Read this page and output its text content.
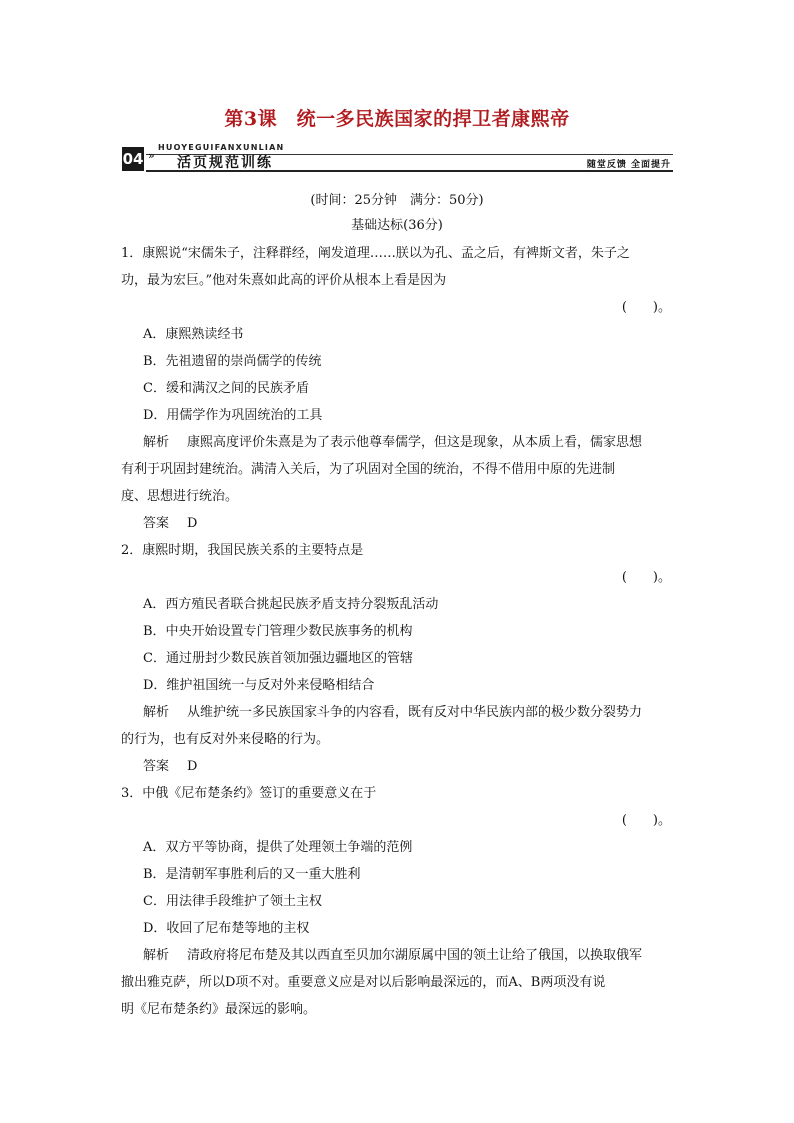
第3课　统一多民族国家的捍卫者康熙帝
04 »
HUOYEGUIFANXUNLIAN
活页规范训练	随堂反馈 全面提升
(时间：25分钟　满分：50分)
基础达标(36分)

1．康熙说“宋儒朱子，注释群经，阐发道理……朕以为孔、孟之后，有裨斯文者，朱子之

功，最为宏巨。”他对朱熹如此高的评价从根本上看是因为

(　　)。

A．康熙熟读经书

B．先祖遗留的崇尚儒学的传统

C．缓和满汉之间的民族矛盾

D．用儒学作为巩固统治的工具

解析 康熙高度评价朱熹是为了表示他尊奉儒学，但这是现象，从本质上看，儒家思想

有利于巩固封建统治。满清入关后，为了巩固对全国的统治，不得不借用中原的先进制

度、思想进行统治。

答案 D

2．康熙时期，我国民族关系的主要特点是

(　　)。

A．西方殖民者联合挑起民族矛盾支持分裂叛乱活动

B．中央开始设置专门管理少数民族事务的机构

C．通过册封少数民族首领加强边疆地区的管辖

D．维护祖国统一与反对外来侵略相结合

解析 从维护统一多民族国家斗争的内容看，既有反对中华民族内部的极少数分裂势力

的行为，也有反对外来侵略的行为。

答案 D

3．中俄《尼布楚条约》签订的重要意义在于

(　　)。

A．双方平等协商，提供了处理领土争端的范例

B．是清朝军事胜利后的又一重大胜利

C．用法律手段维护了领土主权

D．收回了尼布楚等地的主权

解析 清政府将尼布楚及其以西直至贝加尔湖原属中国的领土让给了俄国，以换取俄军

撤出雅克萨，所以D项不对。重要意义应是对以后影响最深远的，而A、B两项没有说

明《尼布楚条约》最深远的影响。
